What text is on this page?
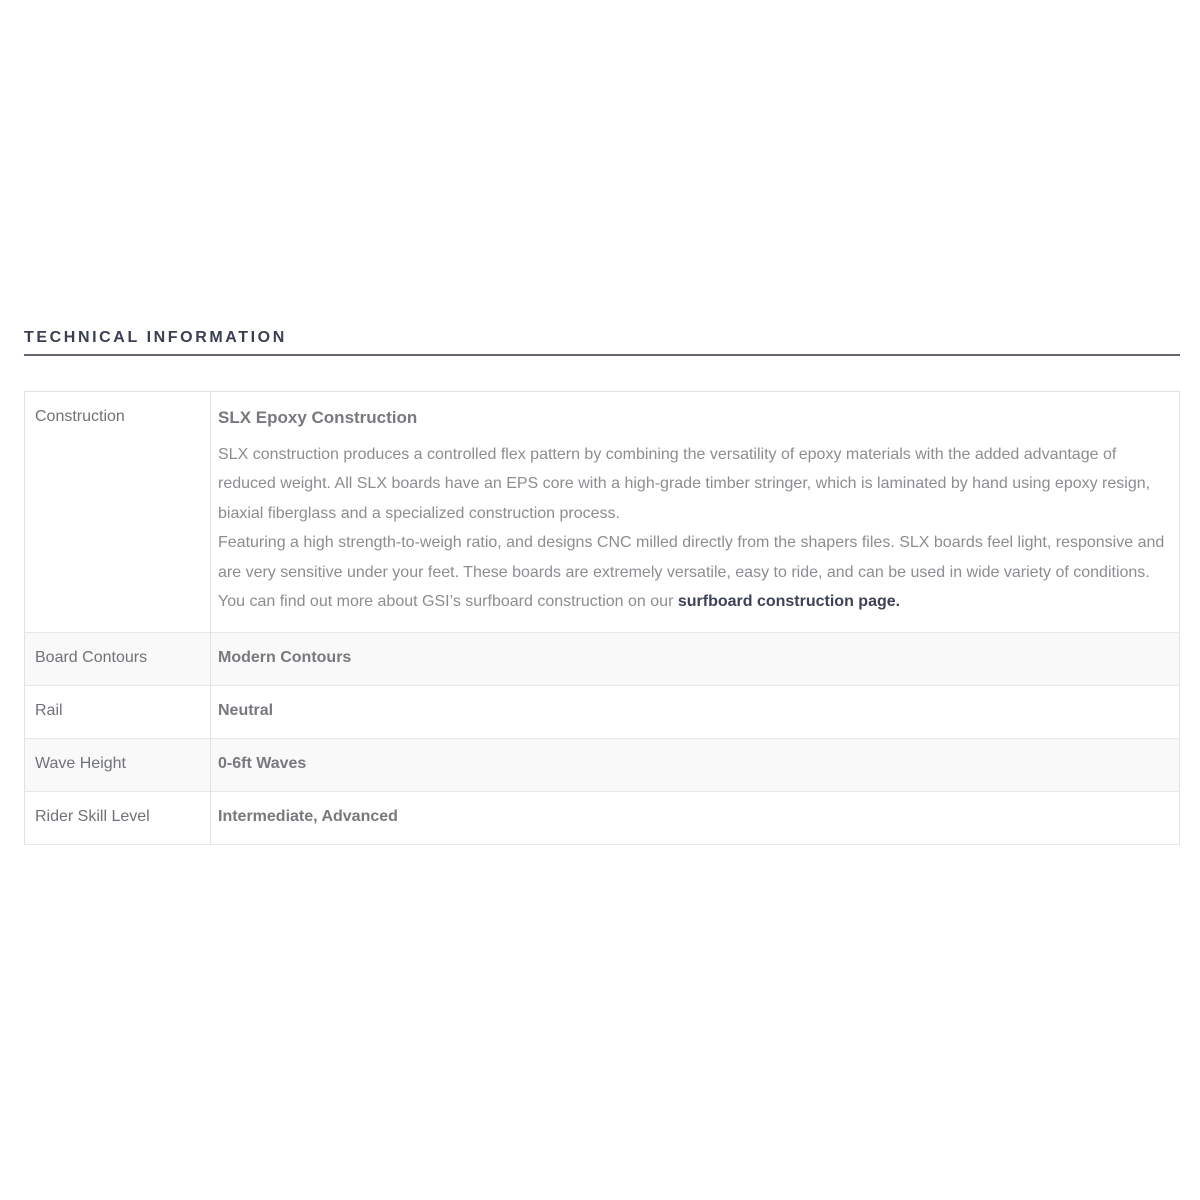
TECHNICAL INFORMATION
Construction	SLX Epoxy Construction

SLX construction produces a controlled flex pattern by combining the versatility of epoxy materials with the added advantage of reduced weight. All SLX boards have an EPS core with a high-grade timber stringer, which is laminated by hand using epoxy resign, biaxial fiberglass and a specialized construction process.

Featuring a high strength-to-weigh ratio, and designs CNC milled directly from the shapers files. SLX boards feel light, responsive and are very sensitive under your feet. These boards are extremely versatile, easy to ride, and can be used in wide variety of conditions.

You can find out more about GSI’s surfboard construction on our surfboard construction page.

Board Contours	Modern Contours
Rail	Neutral
Wave Height	0-6ft Waves
Rider Skill Level	Intermediate, Advanced
